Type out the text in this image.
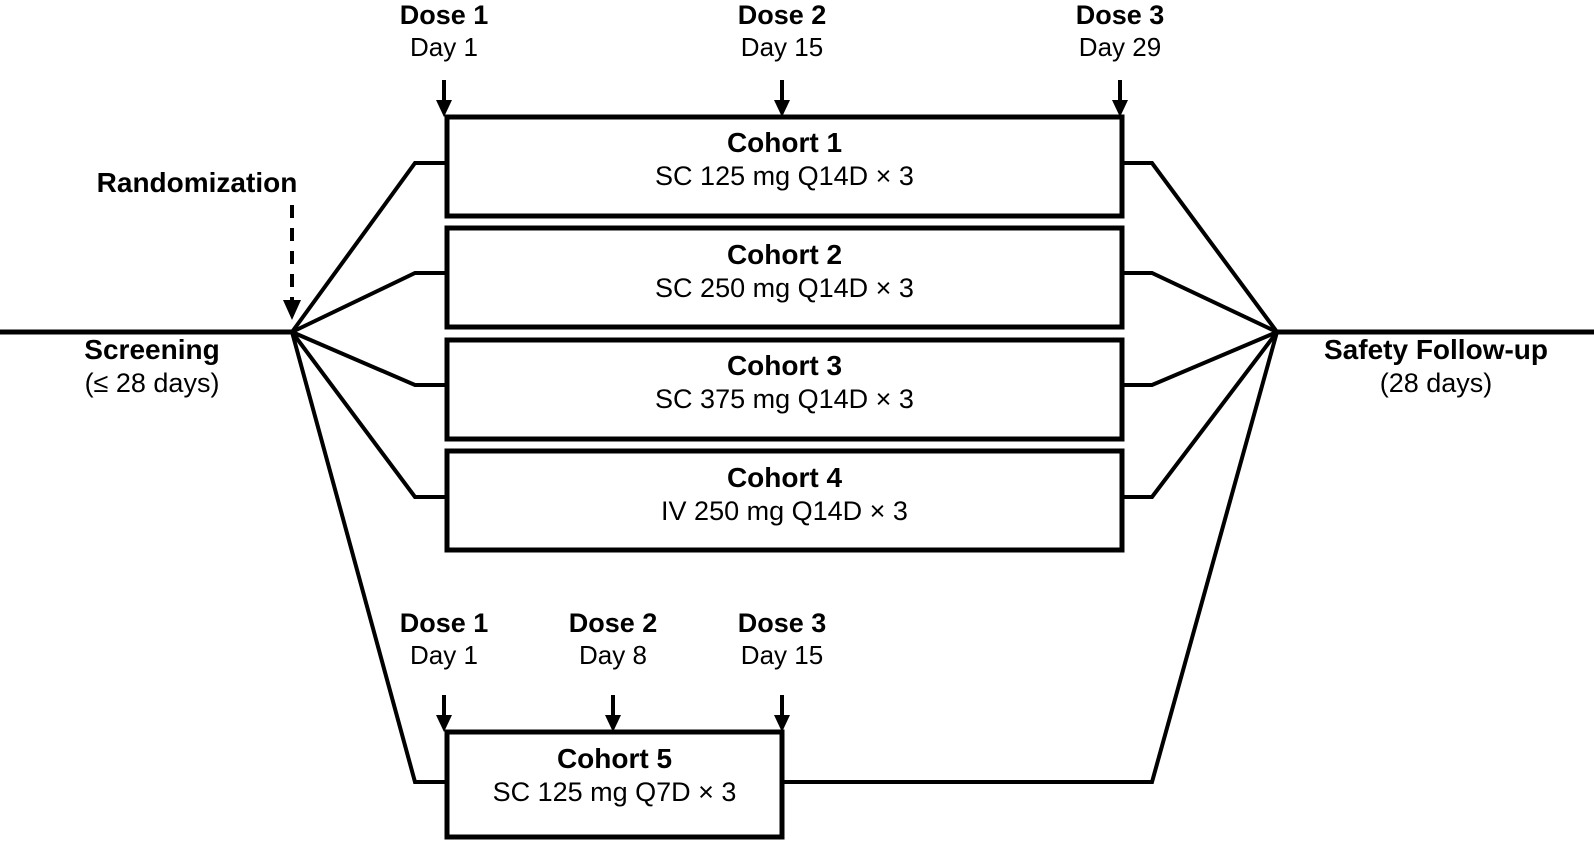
Dose 1
Day 1
Dose 2
Day 15
Dose 3
Day 29
Dose 1
Day 1
Dose 2
Day 8
Dose 3
Day 15
Randomization
Screening
(≤ 28 days)
Safety Follow-up
(28 days)
Cohort 1
SC 125 mg Q14D × 3
Cohort 2
SC 250 mg Q14D × 3
Cohort 3
SC 375 mg Q14D × 3
Cohort 4
IV 250 mg Q14D × 3
Cohort 5
SC 125 mg Q7D × 3
